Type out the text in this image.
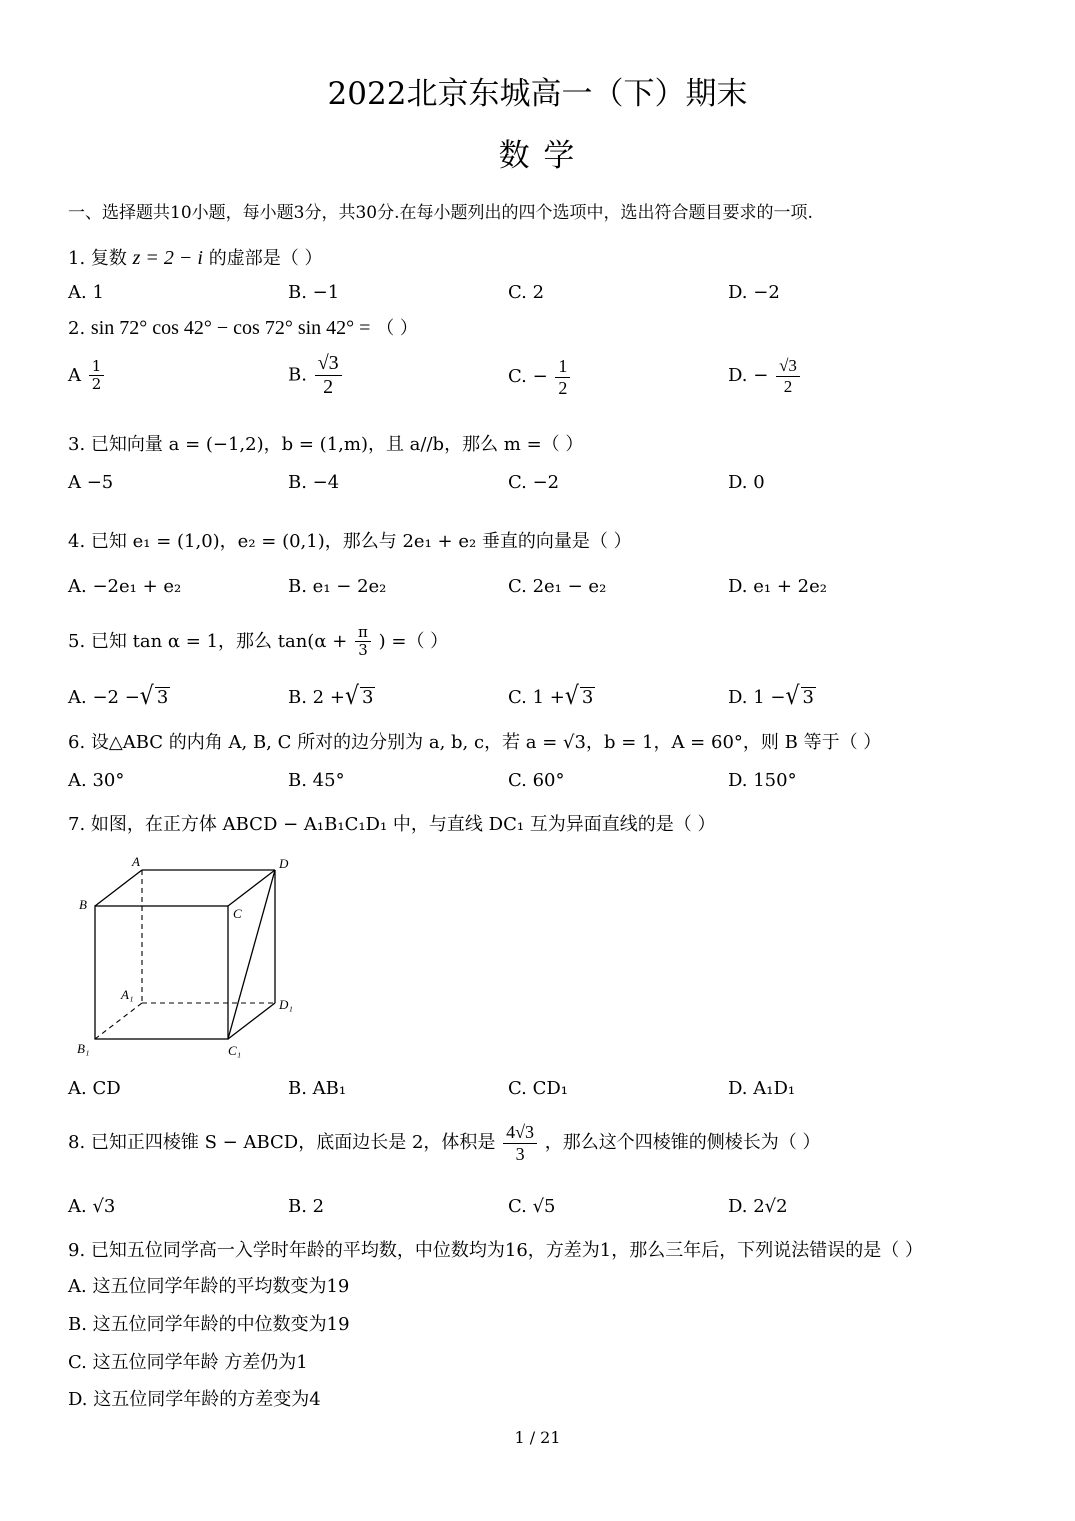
2022北京东城高一（下）期末
数 学
一、选择题共10小题，每小题3分，共30分.在每小题列出的四个选项中，选出符合题目要求的一项.
1. 复数 z = 2 − i 的虚部是（ ）
A. 1	B. −1	C. 2	D. −2
2. sin 72° cos 42° − cos 72° sin 42° = （ ）
A $\frac{1}{2}$	B. $\frac{√3}{2}$	C. − $\frac{1}{2}$	D. − $\frac{√3}{2}$
3. 已知向量 a = (−1,2)，b = (1,m)，且 a//b，那么 m =（ ）
A −5	B. −4	C. −2	D. 0
4. 已知 e₁ = (1,0)，e₂ = (0,1)，那么与 2e₁ + e₂ 垂直的向量是（ ）
A. −2e₁ + e₂	B. e₁ − 2e₂	C. 2e₁ − e₂	D. e₁ + 2e₂
5. 已知 tan α = 1，那么 $\tan(\alpha + \frac{\pi}{3}$ ) =（ ）
A. −2 −√ 3	B. 2 +√ 3	C. 1 +√ 3	D. 1 −√ 3
6. 设△ABC 的内角 A, B, C 所对的边分别为 a, b, c，若 a = √3，b = 1，A = 60°，则 B 等于（ ）
A. 30°	B. 45°	C. 60°	D. 150°
7. 如图，在正方体 ABCD − A₁B₁C₁D₁ 中，与直线 DC₁ 互为异面直线的是（ ）
A	D
B
C
A₁
D₁
B₁	C₁
A. CD	B. AB₁	C. CD₁	D. A₁D₁
8. 已知正四棱锥 S − ABCD，底面边长是 2，体积是 $\frac{4√3}{3}$ ，那么这个四棱锥的侧棱长为（ ）
A. √3	B. 2	C. √5	D. 2√2
9. 已知五位同学高一入学时年龄的平均数，中位数均为16，方差为1，那么三年后，下列说法错误的是（ ）
A. 这五位同学年龄的平均数变为19
B. 这五位同学年龄的中位数变为19
C. 这五位同学年龄 方差仍为1
D. 这五位同学年龄的方差变为4
1 / 21
